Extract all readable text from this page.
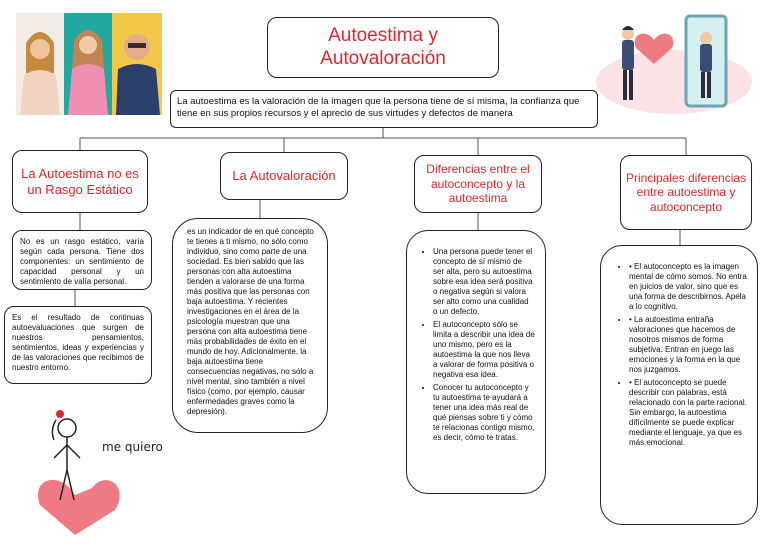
Autoestima y
Autovaloración
La autoestima es la valoración de la imagen que la persona tiene de sí misma, la confianza que tiene en sus propios recursos y el aprecio de sus virtudes y defectos de manera
La Autoestima no es un Rasgo Estático
No es un rasgo estático, varía según cada persona. Tiene dos componentes: un sentimiento de capacidad personal y un sentimiento de valía personal.
Es el resultado de continuas autoevaluaciones que surgen de nuestros pensamientos, sentimientos, ideas y experiencias y de las valoraciones que recibimos de nuestro entorno.
La Autovaloración
es un indicador de en qué concepto te tienes a ti mismo, no sólo como individuo, sino como parte de una sociedad. Es bien sabido que las personas con alta autoestima tienden a valorarse de una forma más positiva que las personas con baja autoestima. Y recientes investigaciones en el área de la psicología muestran que una persona con alta autoestima tiene más probabilidades de éxito en el mundo de hoy. Adicionalmente, la baja autoestima tiene consecuencias negativas, no sólo a nivel mental, sino también a nivel físico (como, por ejemplo, causar enfermedades graves como la depresión).
Diferencias entre el autoconcepto y la autoestima
• Una persona puede tener el concepto de sí mismo de ser alta, pero su autoestima sobre esa idea será positiva o negativa según si valora ser alto como una cualidad o un defecto.
• El autoconcepto sólo se limita a describir una idea de uno mismo, pero es la autoestima la que nos lleva a valorar de forma positiva o negativa esa idea.
• Conocer tu autoconcepto y tu autoestima te ayudará a tener una idea más real de qué piensas sobre ti y cómo te relacionas contigo mismo, es decir, cómo te tratas.
Principales diferencias entre autoestima y autoconcepto
• • El autoconcepto es la imagen mental de cómo somos. No entra en juicios de valor, sino que es una forma de describirnos. Apela a lo cognitivo.
• • La autoestima entraña valoraciones que hacemos de nosotros mismos de forma subjetiva. Entran en juego las emociones y la forma en la que nos juzgamos.
• • El autoconcepto se puede describir con palabras, está relacionado con la parte racional. Sin embargo, la autoestima difícilmente se puede explicar mediante el lenguaje, ya que es más emocional.
me quiero
